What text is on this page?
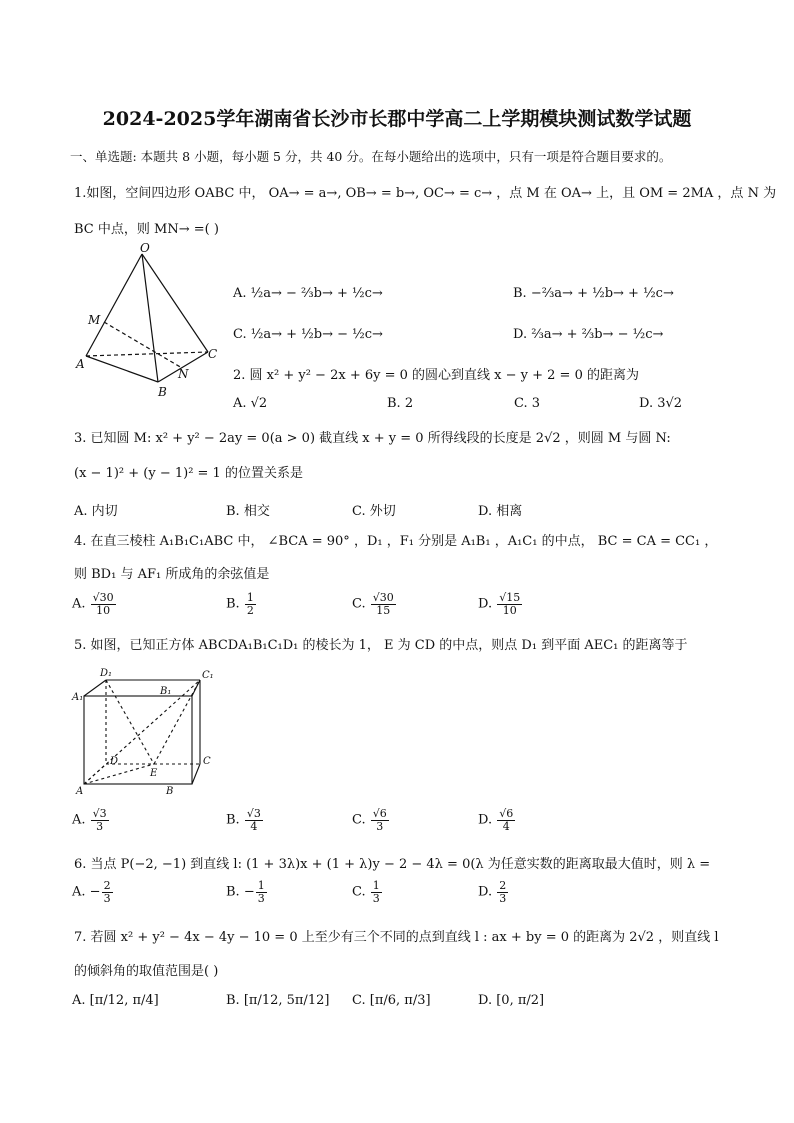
2024-2025学年湖南省长沙市长郡中学高二上学期模块测试数学试题
一、单选题: 本题共 8 小题，每小题 5 分，共 40 分。在每小题给出的选项中，只有一项是符合题目要求的。
1.如图，空间四边形 OABC 中， OA→ = a→, OB→ = b→, OC→ = c→ ，点 M 在 OA→ 上，且 OM = 2MA ，点 N 为
BC 中点，则 MN→ =( )
O
A
B
C
M
N
A. ½a→ − ⅔b→ + ½c→	B. −⅔a→ + ½b→ + ½c→
C. ½a→ + ½b→ − ½c→	D. ⅔a→ + ⅔b→ − ½c→
2. 圆 x² + y² − 2x + 6y = 0 的圆心到直线 x − y + 2 = 0 的距离为
A. √2	B. 2	C. 3	D. 3√2
3. 已知圆 M: x² + y² − 2ay = 0(a > 0) 截直线 x + y = 0 所得线段的长度是 2√2 ，则圆 M 与圆 N:
(x − 1)² + (y − 1)² = 1 的位置关系是
A. 内切	B. 相交	C. 外切	D. 相离
4. 在直三棱柱 A₁B₁C₁ABC 中， ∠BCA = 90° ，D₁ ，F₁ 分别是 A₁B₁ ，A₁C₁ 的中点， BC = CA = CC₁ ，
则 BD₁ 与 AF₁ 所成角的余弦值是
A. $\frac{√30}{10}$	B. $\frac{1}{2}$	C. $\frac{√30}{15}$	D. $\frac{√15}{10}$
5. 如图，已知正方体 ABCDA₁B₁C₁D₁ 的棱长为 1， E 为 CD 的中点，则点 D₁ 到平面 AEC₁ 的距离等于
D₁	C₁
A₁
B₁
D
E
C
A	B
A. $\frac{√3}{3}$	B. $\frac{√3}{4}$	C. $\frac{√6}{3}$	D. $\frac{√6}{4}$
6. 当点 P(−2, −1) 到直线 l: (1 + 3λ)x + (1 + λ)y − 2 − 4λ = 0(λ 为任意实数的距离取最大值时，则 λ =
A. − $\frac{2}{3}$	B. − $\frac{1}{3}$	C. $\frac{1}{3}$	D. $\frac{2}{3}$
7. 若圆 x² + y² − 4x − 4y − 10 = 0 上至少有三个不同的点到直线 l : ax + by = 0 的距离为 2√2 ，则直线 l
的倾斜角的取值范围是( )
A. [π/12, π/4]	B. [π/12, 5π/12] C. [π/6, π/3]	D. [0, π/2]
